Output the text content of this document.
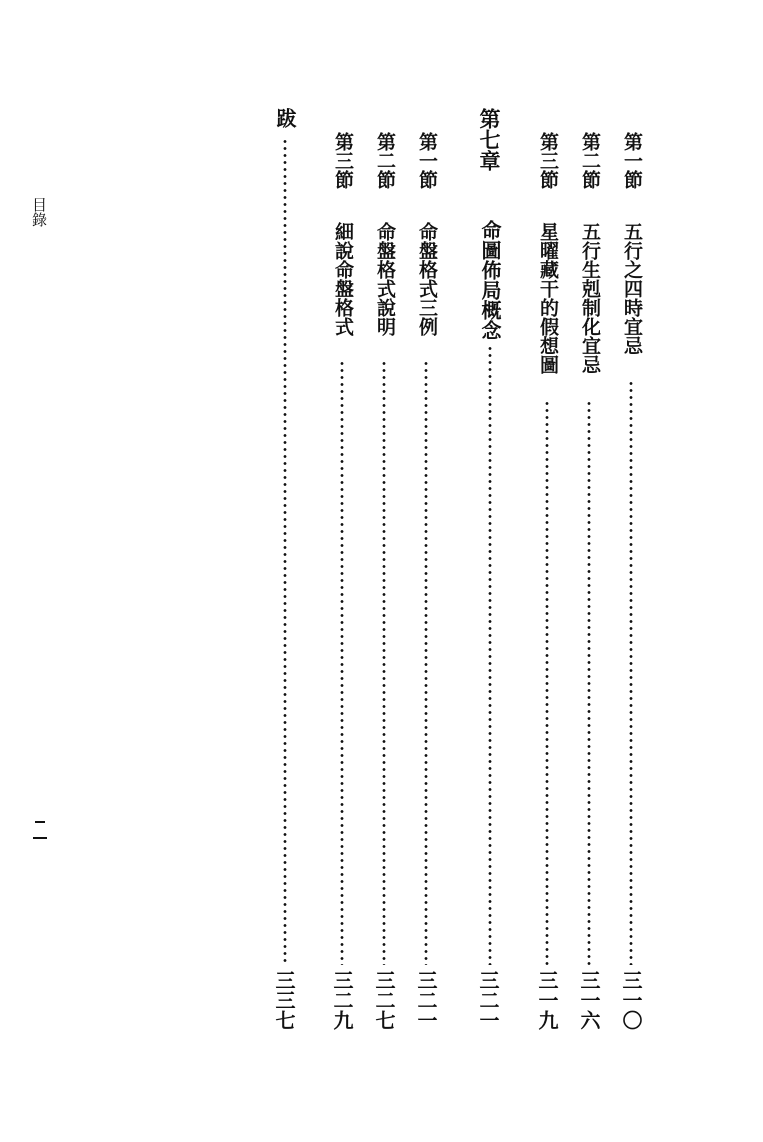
目錄
第一節
五行之四時宜忌
三一〇
第二節
五行生剋制化宜忌
三一六
第三節
星曜藏干的假想圖
三一九
第七章
命圖佈局概念
三二一
第一節
命盤格式三例
三二一
第二節
命盤格式說明
三二七
第三節
細說命盤格式
三二九
跋
三三七
